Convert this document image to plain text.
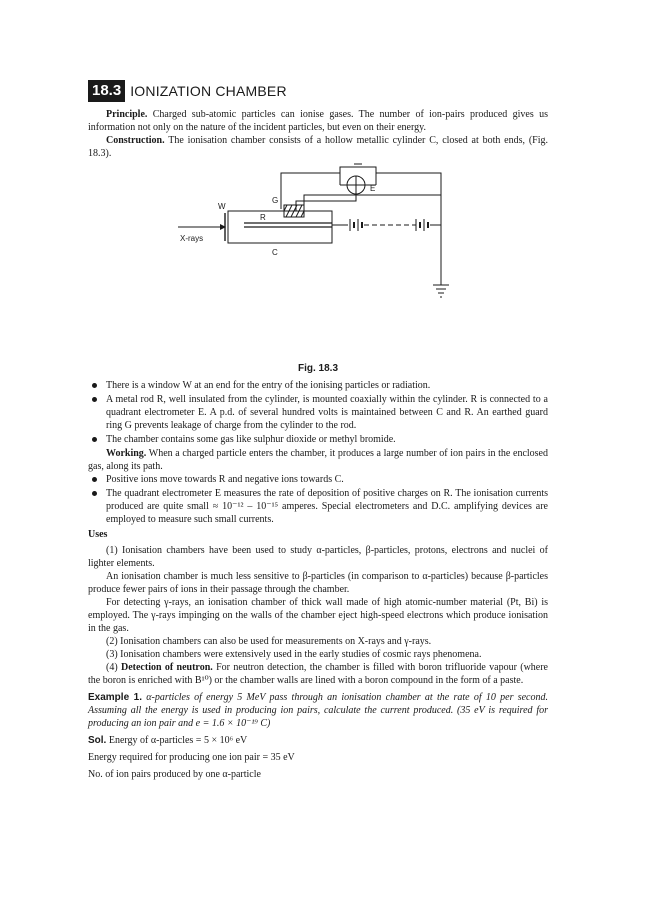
18.3 IONIZATION CHAMBER

Principle. Charged sub-atomic particles can ionise gases. The number of ion-pairs produced gives us information not only on the nature of the incident particles, but even on their energy.

Construction. The ionisation chamber consists of a hollow metallic cylinder C, closed at both ends, (Fig. 18.3).

E
G
W
R
C
X-rays
Fig. 18.3
There is a window W at an end for the entry of the ionising particles or radiation.
A metal rod R, well insulated from the cylinder, is mounted coaxially within the cylinder. R is connected to a quadrant electrometer E. A p.d. of several hundred volts is maintained between C and R. An earthed guard ring G prevents leakage of charge from the cylinder to the rod.
The chamber contains some gas like sulphur dioxide or methyl bromide.

Working. When a charged particle enters the chamber, it produces a large number of ion pairs in the enclosed gas, along its path.

Positive ions move towards R and negative ions towards C.
The quadrant electrometer E measures the rate of deposition of positive charges on R. The ionisation currents produced are quite small ≈ 10⁻¹² – 10⁻¹⁵ amperes. Special electrometers and D.C. amplifying devices are employed to measure such small currents.
Uses

(1) Ionisation chambers have been used to study α-particles, β-particles, protons, electrons and nuclei of lighter elements.

An ionisation chamber is much less sensitive to β-particles (in comparison to α-particles) because β-particles produce fewer pairs of ions in their passage through the chamber.

For detecting γ-rays, an ionisation chamber of thick wall made of high atomic-number material (Pt, Bi) is employed. The γ-rays impinging on the walls of the chamber eject high-speed electrons which produce ionisation in the gas.

(2) Ionisation chambers can also be used for measurements on X-rays and γ-rays.

(3) Ionisation chambers were extensively used in the early studies of cosmic rays phenomena.

(4) Detection of neutron. For neutron detection, the chamber is filled with boron trifluoride vapour (where the boron is enriched with B¹⁰) or the chamber walls are lined with a boron compound in the form of a paste.

Example 1. α-particles of energy 5 MeV pass through an ionisation chamber at the rate of 10 per second. Assuming all the energy is used in producing ion pairs, calculate the current produced. (35 eV is required for producing an ion pair and e = 1.6 × 10⁻¹⁹ C)

Sol. Energy of α-particles = 5 × 10⁶ eV

Energy required for producing one ion pair = 35 eV

No. of ion pairs produced by one α-particle
